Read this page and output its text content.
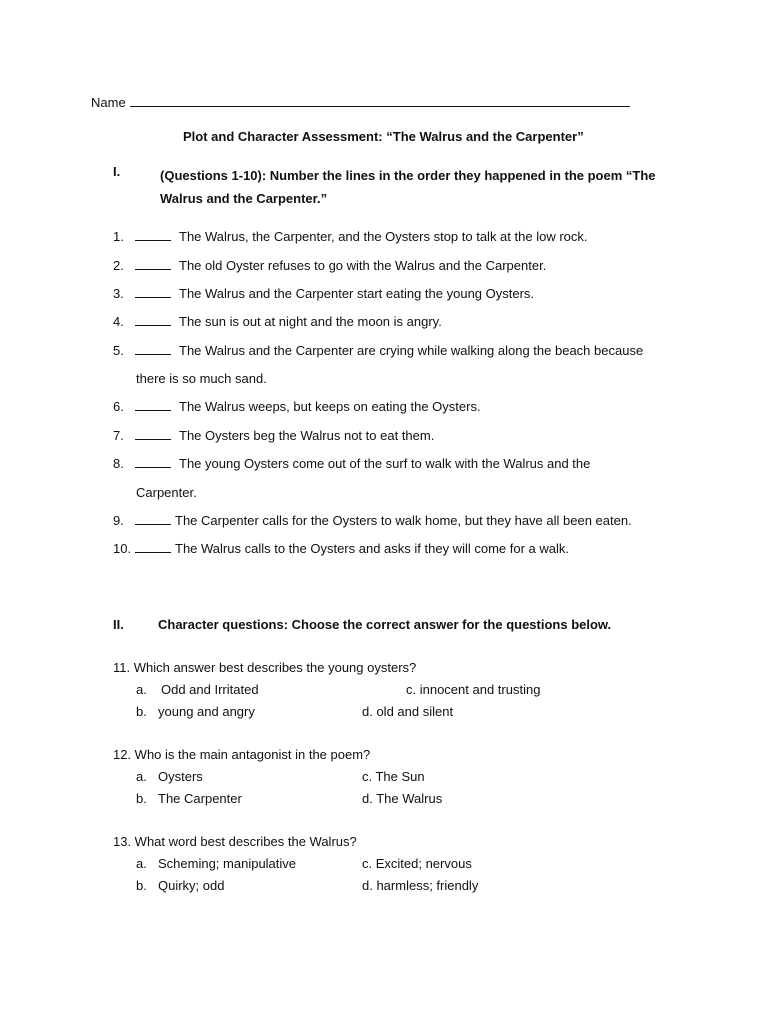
Name
Plot and Character Assessment: “The Walrus and the Carpenter”
I.	(Questions 1-10): Number the lines in the order they happened in the poem “The Walrus and the Carpenter.”
1.	The Walrus, the Carpenter, and the Oysters stop to talk at the low rock.
2.	The old Oyster refuses to go with the Walrus and the Carpenter.
3.	The Walrus and the Carpenter start eating the young Oysters.
4.	The sun is out at night and the moon is angry.
5.	The Walrus and the Carpenter are crying while walking along the beach because
there is so much sand.
6.	The Walrus weeps, but keeps on eating the Oysters.
7.	The Oysters beg the Walrus not to eat them.
8.	The young Oysters come out of the surf to walk with the Walrus and the
Carpenter.
9.	The Carpenter calls for the Oysters to walk home, but they have all been eaten.
10.	The Walrus calls to the Oysters and asks if they will come for a walk.
II.	Character questions: Choose the correct answer for the questions below.
11. Which answer best describes the young oysters?
a. Odd and Irritated	c. innocent and trusting
b. young and angry	d. old and silent
12. Who is the main antagonist in the poem?
a. Oysters	c. The Sun
b. The Carpenter	d. The Walrus
13. What word best describes the Walrus?
a. Scheming; manipulative	c. Excited; nervous
b. Quirky; odd	d. harmless; friendly
